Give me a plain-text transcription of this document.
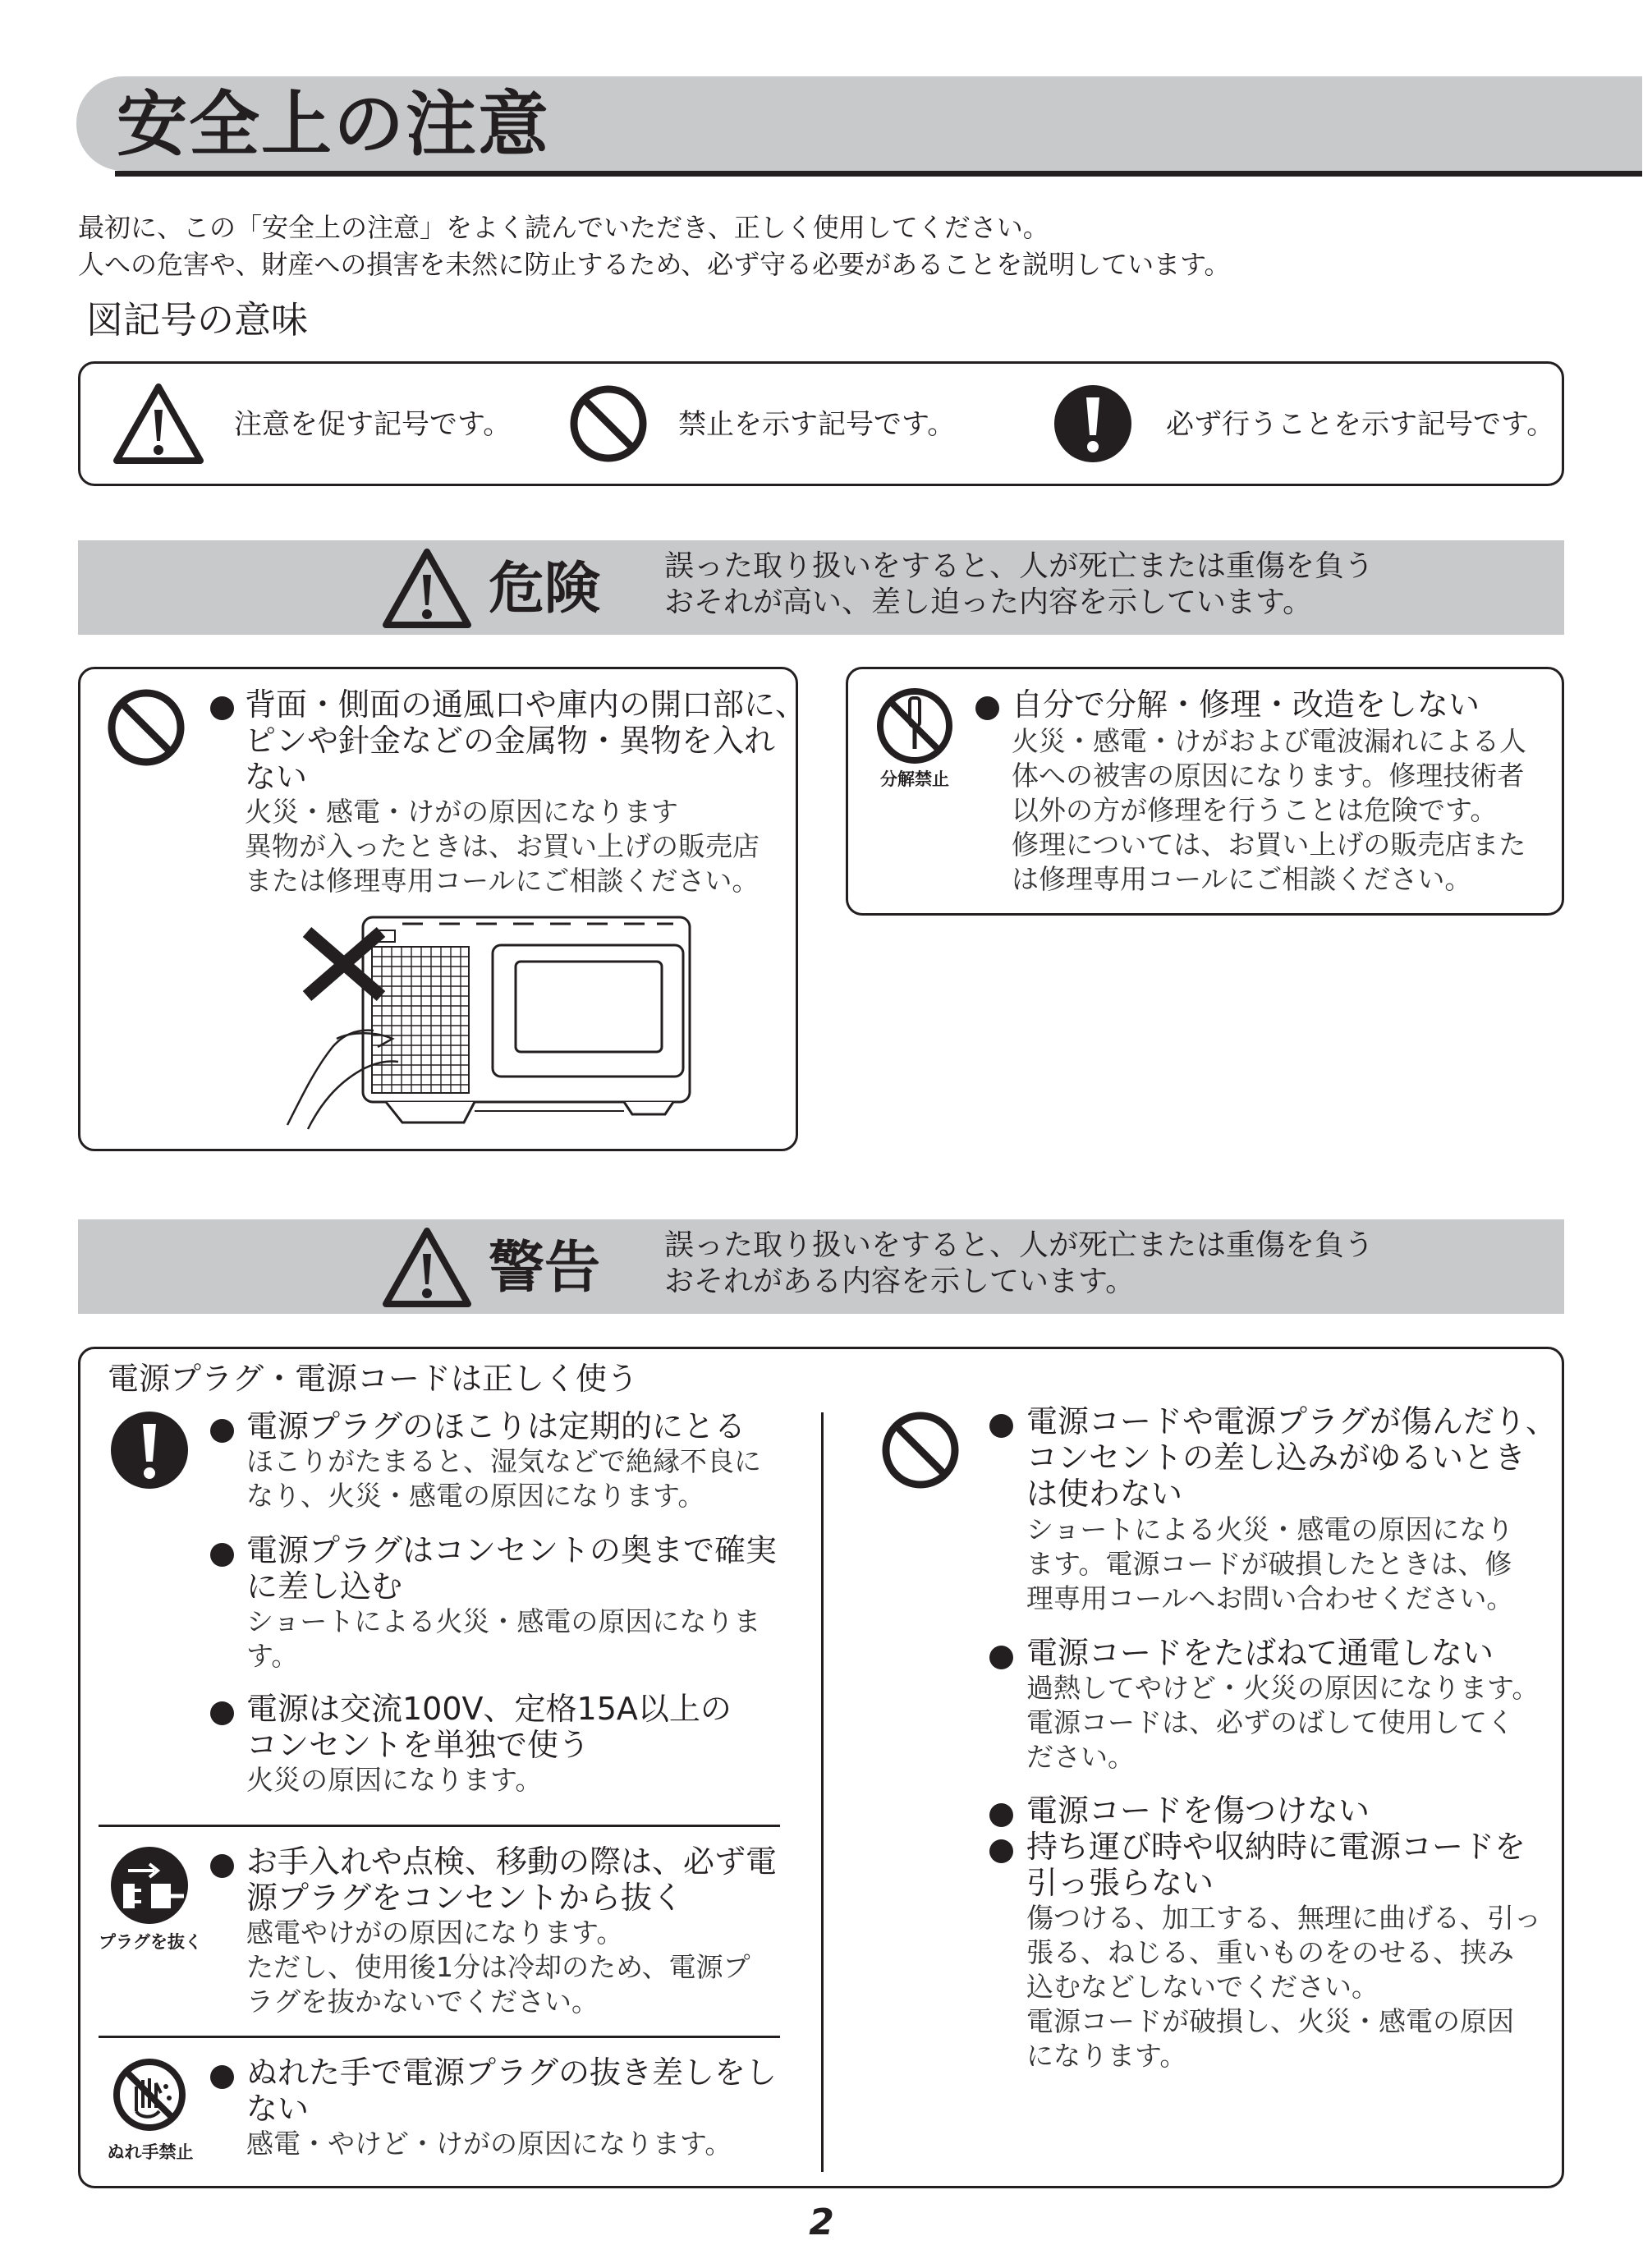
安全上の注意
最初に、この「安全上の注意」をよく読んでいただき、正しく使用してください。
人への危害や、財産への損害を未然に防止するため、必ず守る必要があることを説明しています。
図記号の意味
注意を促す記号です。	禁止を示す記号です。	必ず行うことを示す記号です。
危険 誤った取り扱いをすると、人が死亡または重傷を負う
おそれが高い、差し迫った内容を示しています。
背面・側面の通風口や庫内の開口部に、
ピンや針金などの金属物・異物を入れ
ない
火災・感電・けがの原因になります
異物が入ったときは、お買い上げの販売店
または修理専用コールにご相談ください。
分解禁止
自分で分解・修理・改造をしない
火災・感電・けがおよび電波漏れによる人
体への被害の原因になります。修理技術者
以外の方が修理を行うことは危険です。
修理については、お買い上げの販売店また
は修理専用コールにご相談ください。
警告 誤った取り扱いをすると、人が死亡または重傷を負う
おそれがある内容を示しています。
電源プラグ・電源コードは正しく使う
電源プラグのほこりは定期的にとる
ほこりがたまると、湿気などで絶縁不良に
なり、火災・感電の原因になります。
電源プラグはコンセントの奥まで確実
に差し込む
ショートによる火災・感電の原因になりま
す。
電源は交流100V、定格15A以上の
コンセントを単独で使う
火災の原因になります。
プラグを抜く
お手入れや点検、移動の際は、必ず電
源プラグをコンセントから抜く
感電やけがの原因になります。
ただし、使用後1分は冷却のため、電源プ
ラグを抜かないでください。
ぬれ手禁止
ぬれた手で電源プラグの抜き差しをし
ない
感電・やけど・けがの原因になります。
電源コードや電源プラグが傷んだり、
コンセントの差し込みがゆるいとき
は使わない
ショートによる火災・感電の原因になり
ます。電源コードが破損したときは、修
理専用コールへお問い合わせください。
電源コードをたばねて通電しない
過熱してやけど・火災の原因になります。
電源コードは、必ずのばして使用してく
ださい。
電源コードを傷つけない
持ち運び時や収納時に電源コードを
引っ張らない
傷つける、加工する、無理に曲げる、引っ
張る、ねじる、重いものをのせる、挟み
込むなどしないでください。
電源コードが破損し、火災・感電の原因
になります。
2
